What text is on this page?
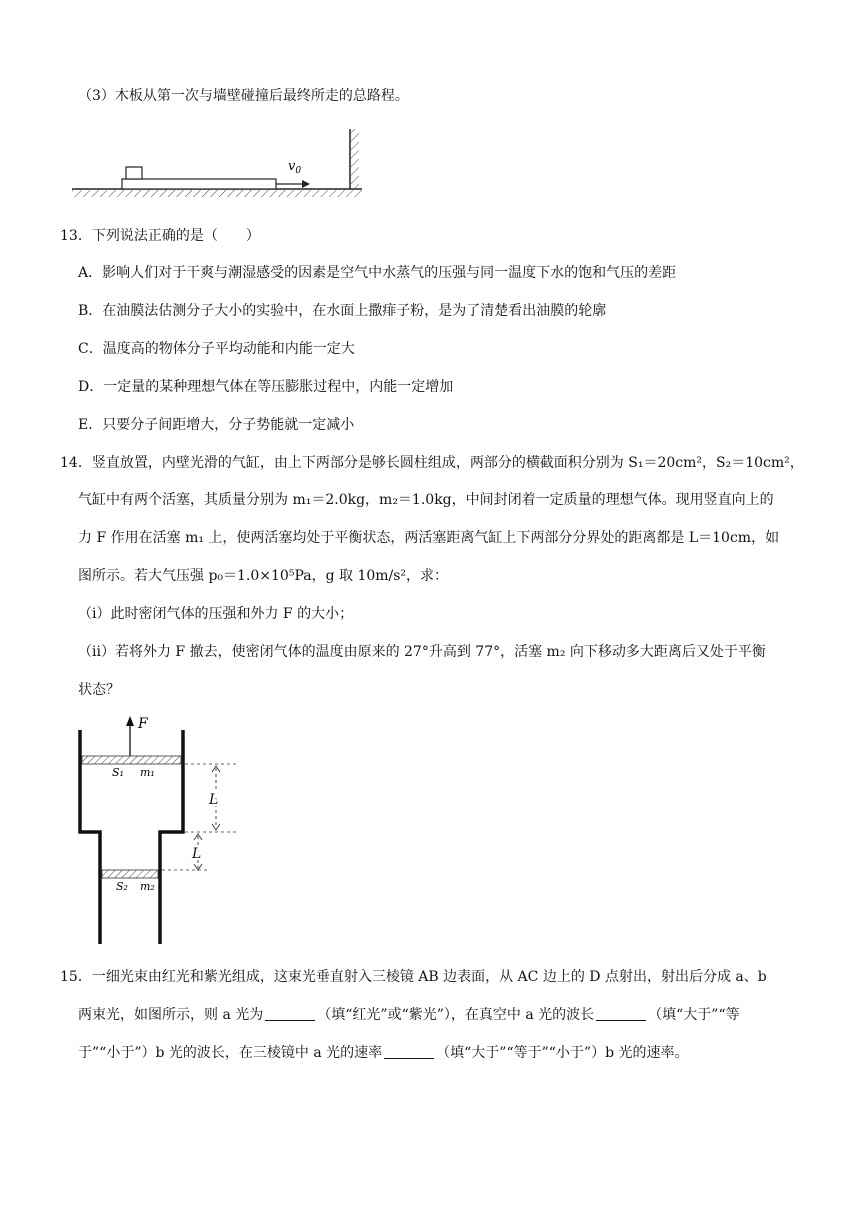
（3）木板从第一次与墙壁碰撞后最终所走的总路程。
$v_0$
13．下列说法正确的是（　　）
A．影响人们对于干爽与潮湿感受的因素是空气中水蒸气的压强与同一温度下水的饱和气压的差距
B．在油膜法估测分子大小的实验中，在水面上撒痱子粉，是为了清楚看出油膜的轮廓
C．温度高的物体分子平均动能和内能一定大
D．一定量的某种理想气体在等压膨胀过程中，内能一定增加
E．只要分子间距增大，分子势能就一定减小
14．竖直放置，内壁光滑的气缸，由上下两部分是够长圆柱组成，两部分的横截面积分别为 S₁＝20cm²，S₂＝10cm²，
气缸中有两个活塞，其质量分别为 m₁＝2.0kg，m₂＝1.0kg，中间封闭着一定质量的理想气体。现用竖直向上的
力 F 作用在活塞 m₁ 上，使两活塞均处于平衡状态，两活塞距离气缸上下两部分分界处的距离都是 L＝10cm，如
图所示。若大气压强 p₀＝1.0×10⁵Pa，g 取 10m/s²，求：
（i）此时密闭气体的压强和外力 F 的大小；
（ii）若将外力 F 撤去，使密闭气体的温度由原来的 27°升高到 77°，活塞 m₂ 向下移动多大距离后又处于平衡
状态？
F
S₁ m₁
S₂ m₂
L
L
15．一细光束由红光和紫光组成，这束光垂直射入三棱镜 AB 边表面，从 AC 边上的 D 点射出，射出后分成 a、b
两束光，如图所示，则 a 光为	（填“红光”或“紫光”），在真空中 a 光的波长	（填“大于”“等
于”“小于”）b 光的波长，在三棱镜中 a 光的速率	（填“大于”“等于”“小于”）b 光的速率。
